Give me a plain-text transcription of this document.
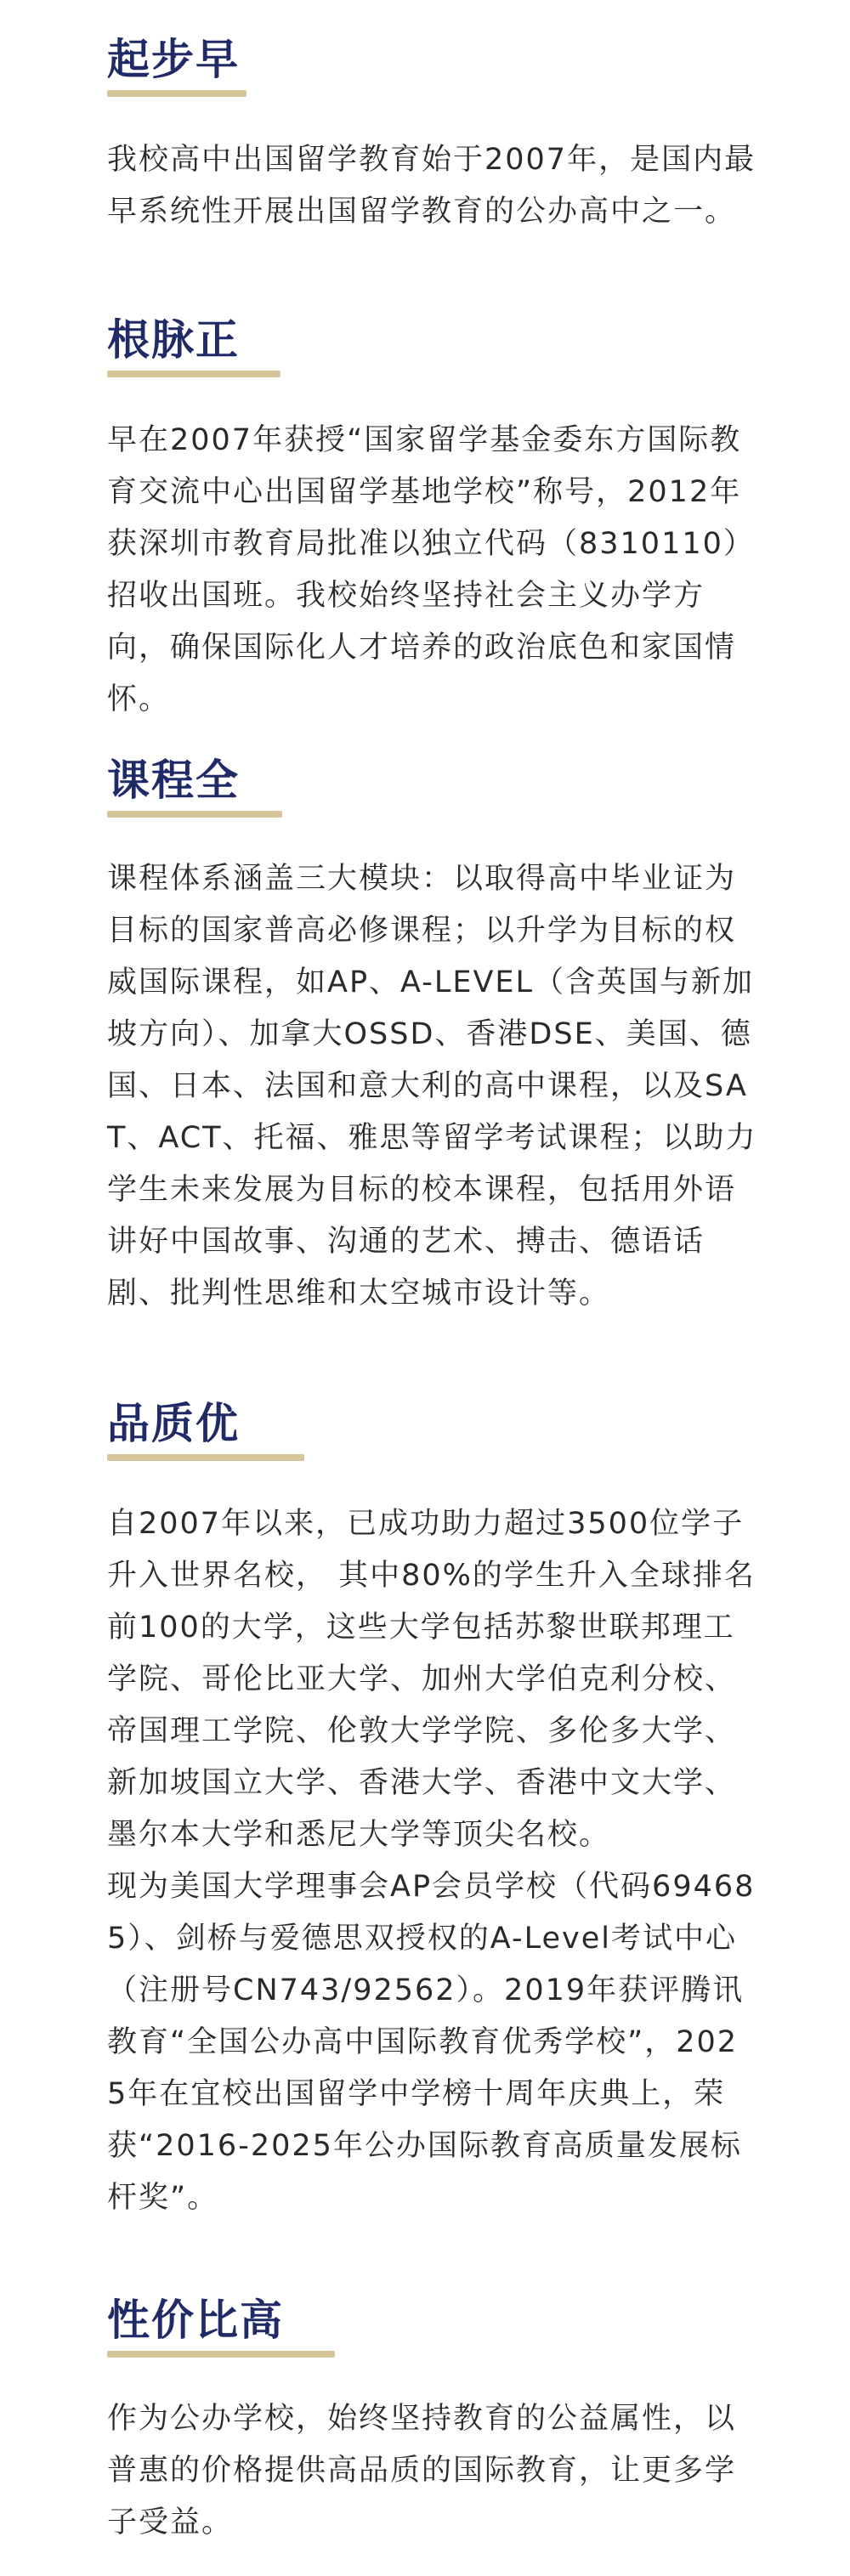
起步早

我校高中出国留学教育始于2007年，是国内最早系统性开展出国留学教育的公办高中之一。

根脉正

早在2007年获授“国家留学基金委东方国际教育交流中心出国留学基地学校”称号，2012年获深圳市教育局批准以独立代码（8310110）招收出国班。我校始终坚持社会主义办学方向，确保国际化人才培养的政治底色和家国情怀。

课程全

课程体系涵盖三大模块：以取得高中毕业证为目标的国家普高必修课程；以升学为目标的权威国际课程，如AP、A-LEVEL（含英国与新加坡方向）、加拿大OSSD、香港DSE、美国、德国、日本、法国和意大利的高中课程，以及SAT、ACT、托福、雅思等留学考试课程；以助力学生未来发展为目标的校本课程，包括用外语讲好中国故事、沟通的艺术、搏击、德语话剧、批判性思维和太空城市设计等。

品质优

自2007年以来，已成功助力超过3500位学子升入世界名校， 其中80%的学生升入全球排名前100的大学，这些大学包括苏黎世联邦理工学院、哥伦比亚大学、加州大学伯克利分校、帝国理工学院、伦敦大学学院、多伦多大学、新加坡国立大学、香港大学、香港中文大学、墨尔本大学和悉尼大学等顶尖名校。

现为美国大学理事会AP会员学校（代码694685）、剑桥与爱德思双授权的A-Level考试中心（注册号CN743/92562）。2019年获评腾讯教育“全国公办高中国际教育优秀学校”，2025年在宜校出国留学中学榜十周年庆典上，荣获“2016-2025年公办国际教育高质量发展标杆奖”。

性价比高

作为公办学校，始终坚持教育的公益属性，以普惠的价格提供高品质的国际教育，让更多学子受益。
